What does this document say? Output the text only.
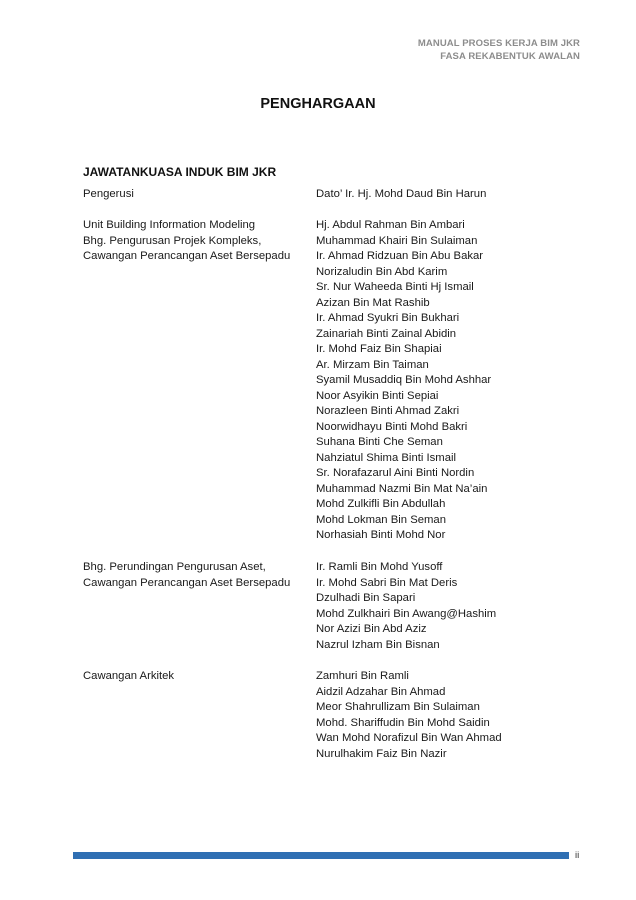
MANUAL PROSES KERJA BIM JKR
FASA REKABENTUK AWALAN
PENGHARGAAN
JAWATANKUASA INDUK BIM JKR
Pengerusi	Dato’ Ir. Hj. Mohd Daud Bin Harun
Unit Building Information Modeling
Bhg. Pengurusan Projek Kompleks,
Cawangan Perancangan Aset Bersepadu
Hj. Abdul Rahman Bin Ambari
Muhammad Khairi Bin Sulaiman
Ir. Ahmad Ridzuan Bin Abu Bakar
Norizaludin Bin Abd Karim
Sr. Nur Waheeda Binti Hj Ismail
Azizan Bin Mat Rashib
Ir. Ahmad Syukri Bin Bukhari
Zainariah Binti Zainal Abidin
Ir. Mohd Faiz Bin Shapiai
Ar. Mirzam Bin Taiman
Syamil Musaddiq Bin Mohd Ashhar
Noor Asyikin Binti Sepiai
Norazleen Binti Ahmad Zakri
Noorwidhayu Binti Mohd Bakri
Suhana Binti Che Seman
Nahziatul Shima Binti Ismail
Sr. Norafazarul Aini Binti Nordin
Muhammad Nazmi Bin Mat Na’ain
Mohd Zulkifli Bin Abdullah
Mohd Lokman Bin Seman
Norhasiah Binti Mohd Nor
Bhg. Perundingan Pengurusan Aset,
Cawangan Perancangan Aset Bersepadu
Ir. Ramli Bin Mohd Yusoff
Ir. Mohd Sabri Bin Mat Deris
Dzulhadi Bin Sapari
Mohd Zulkhairi Bin Awang@Hashim
Nor Azizi Bin Abd Aziz
Nazrul Izham Bin Bisnan
Cawangan Arkitek	Zamhuri Bin Ramli
Aidzil Adzahar Bin Ahmad
Meor Shahrullizam Bin Sulaiman
Mohd. Shariffudin Bin Mohd Saidin
Wan Mohd Norafizul Bin Wan Ahmad
Nurulhakim Faiz Bin Nazir
ii
